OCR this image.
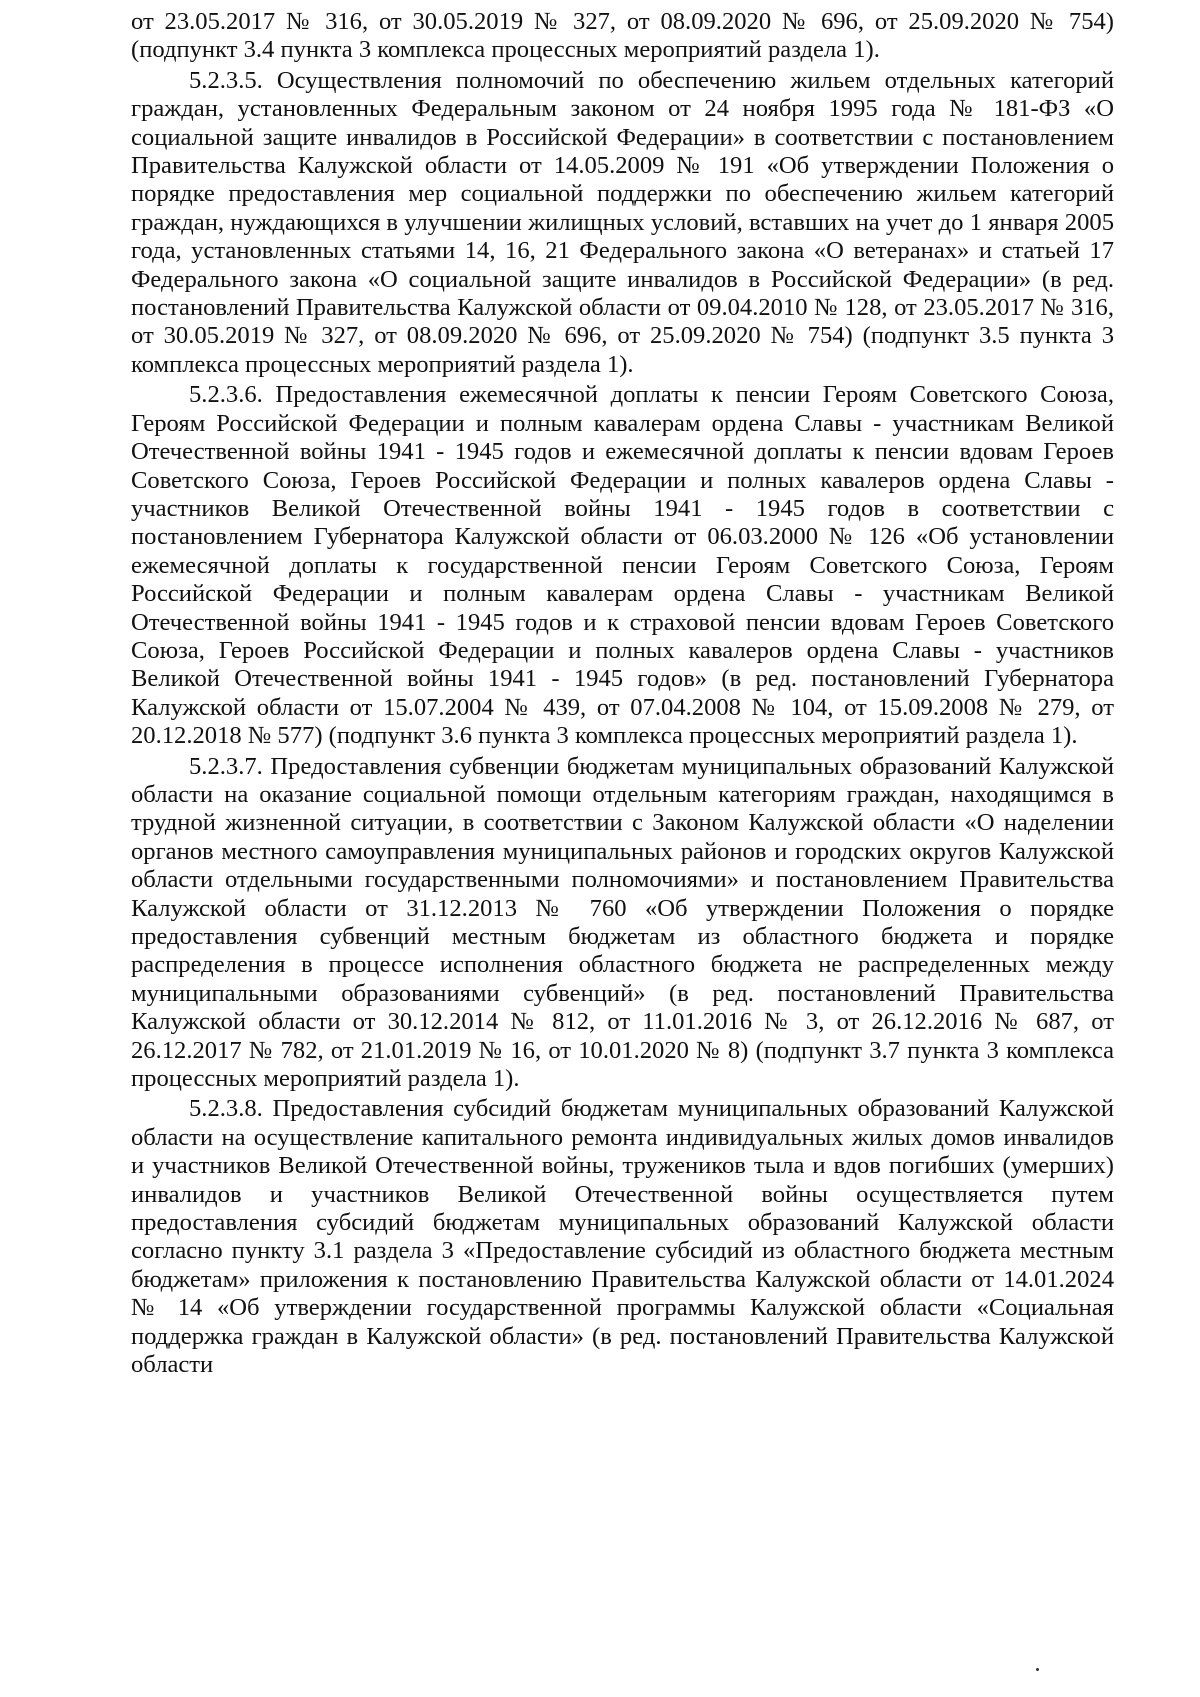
от 23.05.2017 № 316, от 30.05.2019 № 327, от 08.09.2020 № 696, от 25.09.2020 № 754) (подпункт 3.4 пункта 3 комплекса процессных мероприятий раздела 1).

5.2.3.5. Осуществления полномочий по обеспечению жильем отдельных категорий граждан, установленных Федеральным законом от 24 ноября 1995 года № 181-ФЗ «О социальной защите инвалидов в Российской Федерации» в соответствии с постановлением Правительства Калужской области от 14.05.2009 № 191 «Об утверждении Положения о порядке предоставления мер социальной поддержки по обеспечению жильем категорий граждан, нуждающихся в улучшении жилищных условий, вставших на учет до 1 января 2005 года, установленных статьями 14, 16, 21 Федерального закона «О ветеранах» и статьей 17 Федерального закона «О социальной защите инвалидов в Российской Федерации» (в ред. постановлений Правительства Калужской области от 09.04.2010 № 128, от 23.05.2017 № 316, от 30.05.2019 № 327, от 08.09.2020 № 696, от 25.09.2020 № 754) (подпункт 3.5 пункта 3 комплекса процессных мероприятий раздела 1).

5.2.3.6. Предоставления ежемесячной доплаты к пенсии Героям Советского Союза, Героям Российской Федерации и полным кавалерам ордена Славы - участникам Великой Отечественной войны 1941 - 1945 годов и ежемесячной доплаты к пенсии вдовам Героев Советского Союза, Героев Российской Федерации и полных кавалеров ордена Славы - участников Великой Отечественной войны 1941 - 1945 годов в соответствии с постановлением Губернатора Калужской области от 06.03.2000 № 126 «Об установлении ежемесячной доплаты к государственной пенсии Героям Советского Союза, Героям Российской Федерации и полным кавалерам ордена Славы - участникам Великой Отечественной войны 1941 - 1945 годов и к страховой пенсии вдовам Героев Советского Союза, Героев Российской Федерации и полных кавалеров ордена Славы - участников Великой Отечественной войны 1941 - 1945 годов» (в ред. постановлений Губернатора Калужской области от 15.07.2004 № 439, от 07.04.2008 № 104, от 15.09.2008 № 279, от 20.12.2018 № 577) (подпункт 3.6 пункта 3 комплекса процессных мероприятий раздела 1).

5.2.3.7. Предоставления субвенции бюджетам муниципальных образований Калужской области на оказание социальной помощи отдельным категориям граждан, находящимся в трудной жизненной ситуации, в соответствии с Законом Калужской области «О наделении органов местного самоуправления муниципальных районов и городских округов Калужской области отдельными государственными полномочиями» и постановлением Правительства Калужской области от 31.12.2013 № 760 «Об утверждении Положения о порядке предоставления субвенций местным бюджетам из областного бюджета и порядке распределения в процессе исполнения областного бюджета не распределенных между муниципальными образованиями субвенций» (в ред. постановлений Правительства Калужской области от 30.12.2014 № 812, от 11.01.2016 № 3, от 26.12.2016 № 687, от 26.12.2017 № 782, от 21.01.2019 № 16, от 10.01.2020 № 8) (подпункт 3.7 пункта 3 комплекса процессных мероприятий раздела 1).

5.2.3.8. Предоставления субсидий бюджетам муниципальных образований Калужской области на осуществление капитального ремонта индивидуальных жилых домов инвалидов и участников Великой Отечественной войны, тружеников тыла и вдов погибших (умерших) инвалидов и участников Великой Отечественной войны осуществляется путем предоставления субсидий бюджетам муниципальных образований Калужской области согласно пункту 3.1 раздела 3 «Предоставление субсидий из областного бюджета местным бюджетам» приложения к постановлению Правительства Калужской области от 14.01.2024 № 14 «Об утверждении государственной программы Калужской области «Социальная поддержка граждан в Калужской области» (в ред. постановлений Правительства Калужской области
